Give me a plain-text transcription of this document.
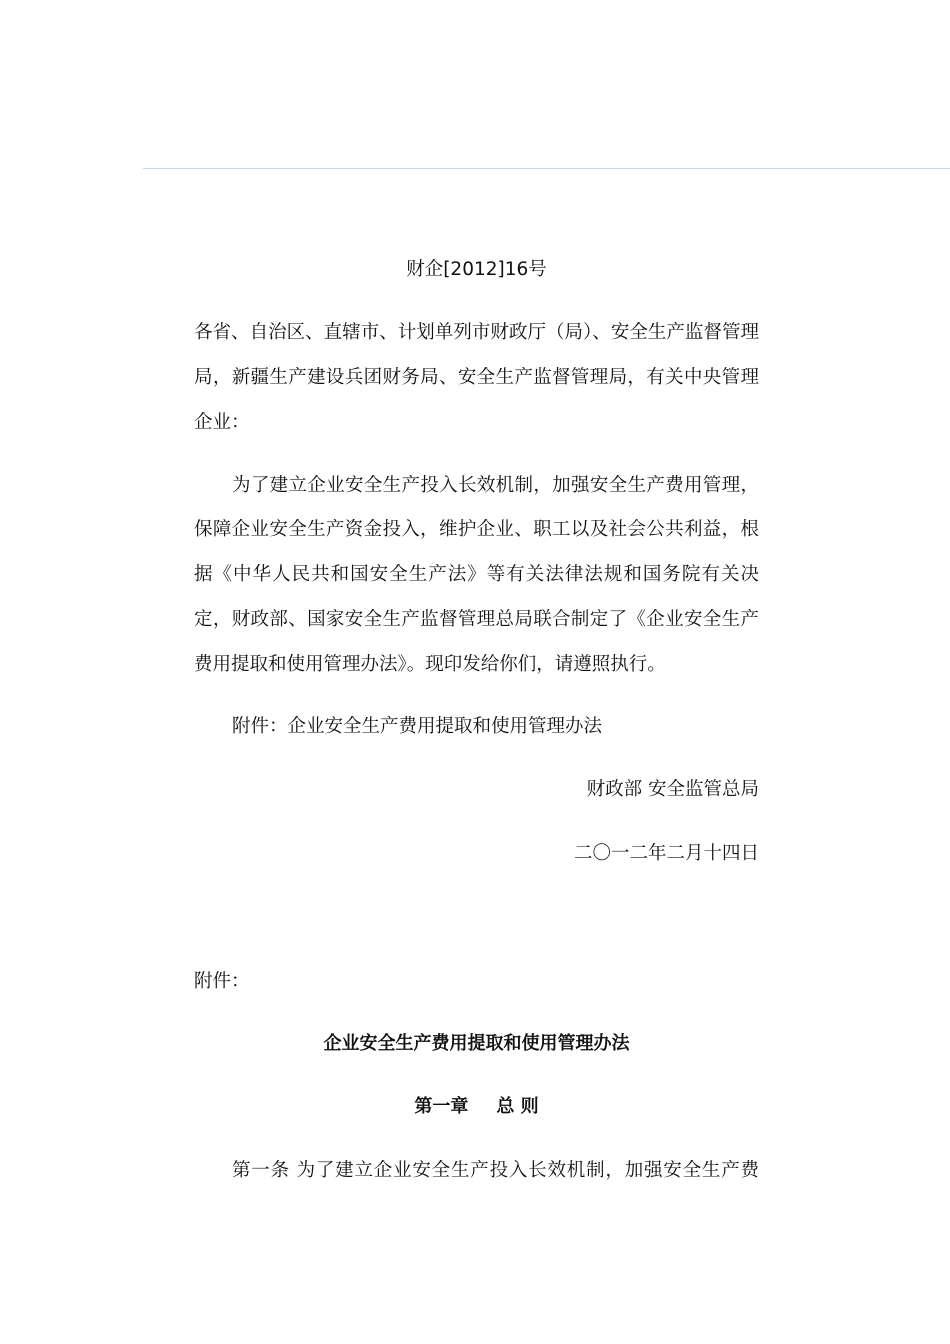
财企[2012]16号
各省、自治区、直辖市、计划单列市财政厅（局）、安全生产监督管理
局，新疆生产建设兵团财务局、安全生产监督管理局，有关中央管理
企业：
为了建立企业安全生产投入长效机制，加强安全生产费用管理，
保障企业安全生产资金投入，维护企业、职工以及社会公共利益，根
据《中华人民共和国安全生产法》等有关法律法规和国务院有关决
定，财政部、国家安全生产监督管理总局联合制定了《企业安全生产
费用提取和使用管理办法》。现印发给你们，请遵照执行。
附件：企业安全生产费用提取和使用管理办法
财政部 安全监管总局
二〇一二年二月十四日
附件：
企业安全生产费用提取和使用管理办法
第一章 总 则
第一条 为了建立企业安全生产投入长效机制，加强安全生产费
